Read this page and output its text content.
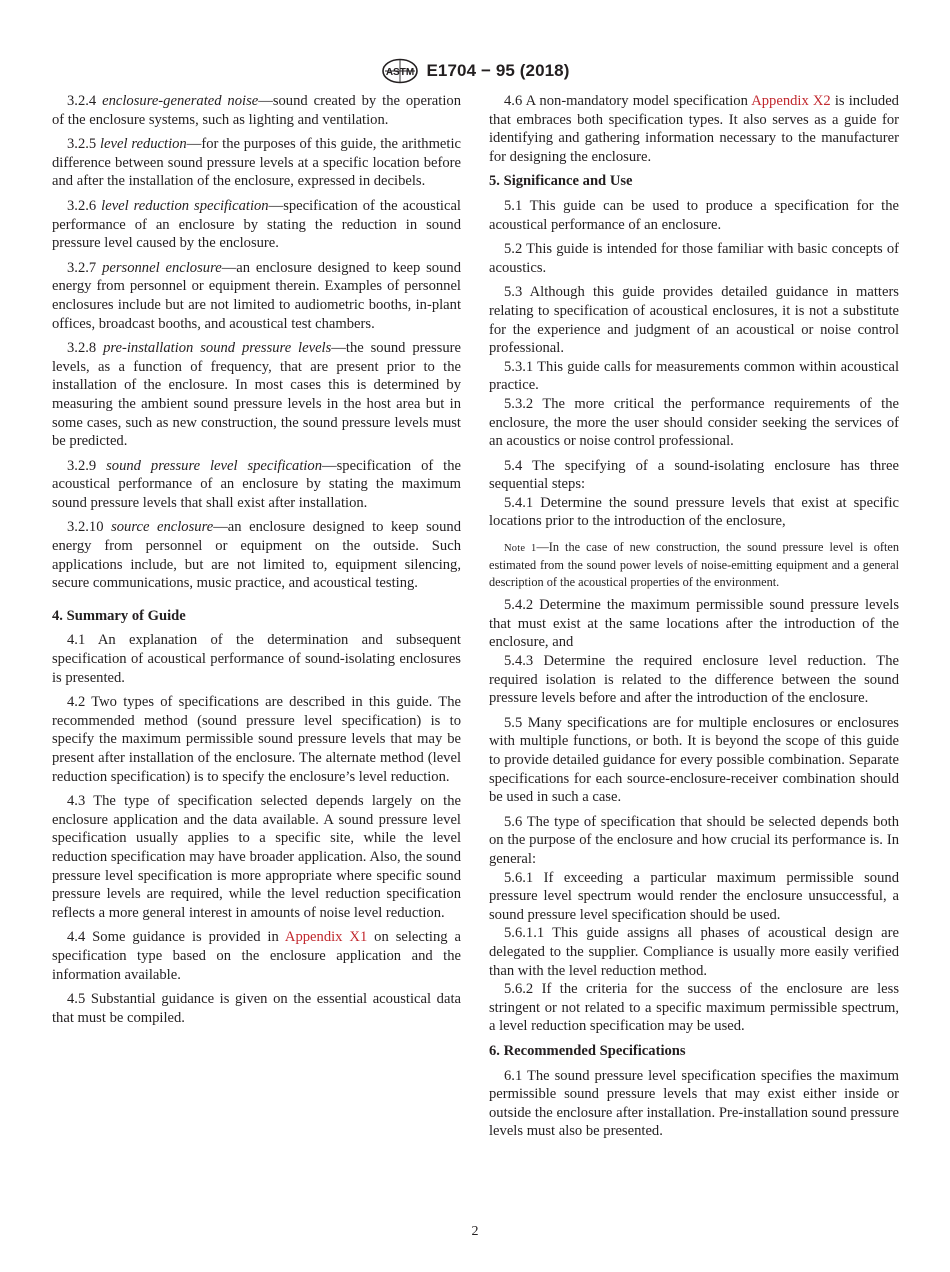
ASTM E1704 − 95 (2018)

3.2.4 enclosure-generated noise—sound created by the operation of the enclosure systems, such as lighting and ventilation.

3.2.5 level reduction—for the purposes of this guide, the arithmetic difference between sound pressure levels at a specific location before and after the installation of the enclosure, expressed in decibels.

3.2.6 level reduction specification—specification of the acoustical performance of an enclosure by stating the reduction in sound pressure level caused by the enclosure.

3.2.7 personnel enclosure—an enclosure designed to keep sound energy from personnel or equipment therein. Examples of personnel enclosures include but are not limited to audiometric booths, in-plant offices, broadcast booths, and acoustical test chambers.

3.2.8 pre-installation sound pressure levels—the sound pressure levels, as a function of frequency, that are present prior to the installation of the enclosure. In most cases this is determined by measuring the ambient sound pressure levels in the host area but in some cases, such as new construction, the sound pressure levels must be predicted.

3.2.9 sound pressure level specification—specification of the acoustical performance of an enclosure by stating the maximum sound pressure levels that shall exist after installation.

3.2.10 source enclosure—an enclosure designed to keep sound energy from personnel or equipment on the outside. Such applications include, but are not limited to, equipment silencing, secure communications, music practice, and acoustical testing.

4. Summary of Guide

4.1 An explanation of the determination and subsequent specification of acoustical performance of sound-isolating enclosures is presented.

4.2 Two types of specifications are described in this guide. The recommended method (sound pressure level specification) is to specify the maximum permissible sound pressure levels that may be present after installation of the enclosure. The alternate method (level reduction specification) is to specify the enclosure’s level reduction.

4.3 The type of specification selected depends largely on the enclosure application and the data available. A sound pressure level specification usually applies to a specific site, while the level reduction specification may have broader application. Also, the sound pressure level specification is more appropriate where specific sound pressure levels are required, while the level reduction specification reflects a more general interest in amounts of noise level reduction.

4.4 Some guidance is provided in Appendix X1 on selecting a specification type based on the enclosure application and the information available.

4.5 Substantial guidance is given on the essential acoustical data that must be compiled.

4.6 A non-mandatory model specification Appendix X2 is included that embraces both specification types. It also serves as a guide for identifying and gathering information necessary to the manufacturer for designing the enclosure.

5. Significance and Use

5.1 This guide can be used to produce a specification for the acoustical performance of an enclosure.

5.2 This guide is intended for those familiar with basic concepts of acoustics.

5.3 Although this guide provides detailed guidance in matters relating to specification of acoustical enclosures, it is not a substitute for the experience and judgment of an acoustical or noise control professional.

5.3.1 This guide calls for measurements common within acoustical practice.

5.3.2 The more critical the performance requirements of the enclosure, the more the user should consider seeking the services of an acoustics or noise control professional.

5.4 The specifying of a sound-isolating enclosure has three sequential steps:

5.4.1 Determine the sound pressure levels that exist at specific locations prior to the introduction of the enclosure,

Note 1—In the case of new construction, the sound pressure level is often estimated from the sound power levels of noise-emitting equipment and a general description of the acoustical properties of the environment.

5.4.2 Determine the maximum permissible sound pressure levels that must exist at the same locations after the introduction of the enclosure, and

5.4.3 Determine the required enclosure level reduction. The required isolation is related to the difference between the sound pressure levels before and after the introduction of the enclosure.

5.5 Many specifications are for multiple enclosures or enclosures with multiple functions, or both. It is beyond the scope of this guide to provide detailed guidance for every possible combination. Separate specifications for each source-enclosure-receiver combination should be used in such a case.

5.6 The type of specification that should be selected depends both on the purpose of the enclosure and how crucial its performance is. In general:

5.6.1 If exceeding a particular maximum permissible sound pressure level spectrum would render the enclosure unsuccessful, a sound pressure level specification should be used.

5.6.1.1 This guide assigns all phases of acoustical design are delegated to the supplier. Compliance is usually more easily verified than with the level reduction method.

5.6.2 If the criteria for the success of the enclosure are less stringent or not related to a specific maximum permissible spectrum, a level reduction specification may be used.

6. Recommended Specifications

6.1 The sound pressure level specification specifies the maximum permissible sound pressure levels that may exist either inside or outside the enclosure after installation. Pre-installation sound pressure levels must also be presented.

2
